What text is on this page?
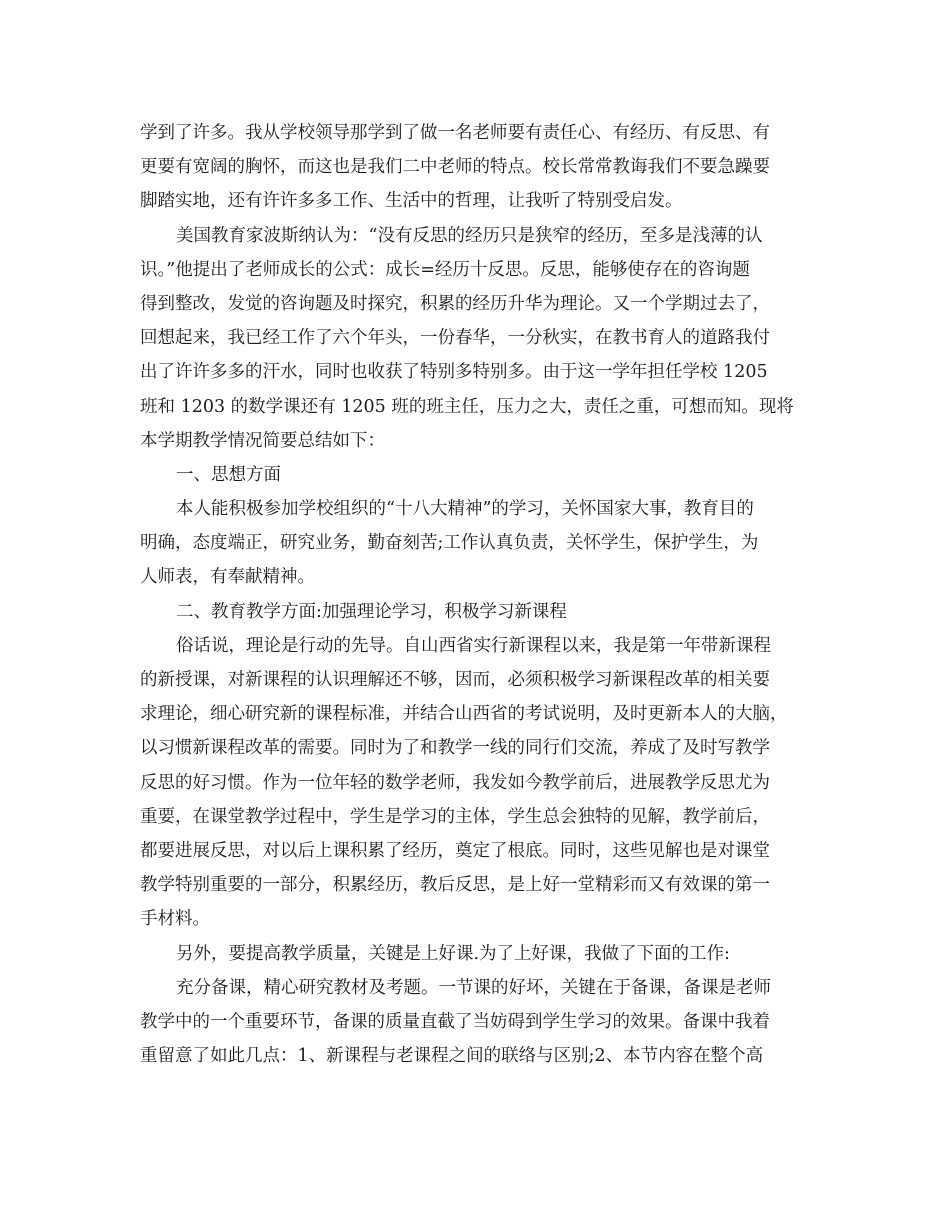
学到了许多。我从学校领导那学到了做一名老师要有责任心、有经历、有反思、有
更要有宽阔的胸怀，而这也是我们二中老师的特点。校长常常教诲我们不要急躁要
脚踏实地，还有许许多多工作、生活中的哲理，让我听了特别受启发。
美国教育家波斯纳认为：“没有反思的经历只是狭窄的经历，至多是浅薄的认
识。”他提出了老师成长的公式：成长=经历十反思。反思，能够使存在的咨询题
得到整改，发觉的咨询题及时探究，积累的经历升华为理论。又一个学期过去了，
回想起来，我已经工作了六个年头，一份春华，一分秋实，在教书育人的道路我付
出了许许多多的汗水，同时也收获了特别多特别多。由于这一学年担任学校 1205
班和 1203 的数学课还有 1205 班的班主任，压力之大，责任之重，可想而知。现将
本学期教学情况简要总结如下：
一、思想方面
本人能积极参加学校组织的“十八大精神”的学习，关怀国家大事，教育目的
明确，态度端正，研究业务，勤奋刻苦;工作认真负责，关怀学生，保护学生，为
人师表，有奉献精神。
二、教育教学方面:加强理论学习，积极学习新课程
俗话说，理论是行动的先导。自山西省实行新课程以来，我是第一年带新课程
的新授课，对新课程的认识理解还不够，因而，必须积极学习新课程改革的相关要
求理论，细心研究新的课程标准，并结合山西省的考试说明，及时更新本人的大脑，
以习惯新课程改革的需要。同时为了和教学一线的同行们交流，养成了及时写教学
反思的好习惯。作为一位年轻的数学老师，我发如今教学前后，进展教学反思尤为
重要，在课堂教学过程中，学生是学习的主体，学生总会独特的见解，教学前后，
都要进展反思，对以后上课积累了经历，奠定了根底。同时，这些见解也是对课堂
教学特别重要的一部分，积累经历，教后反思，是上好一堂精彩而又有效课的第一
手材料。
另外，要提高教学质量，关键是上好课.为了上好课，我做了下面的工作:
充分备课，精心研究教材及考题。一节课的好坏，关键在于备课，备课是老师
教学中的一个重要环节，备课的质量直截了当妨碍到学生学习的效果。备课中我着
重留意了如此几点：1、新课程与老课程之间的联络与区别;2、本节内容在整个高
